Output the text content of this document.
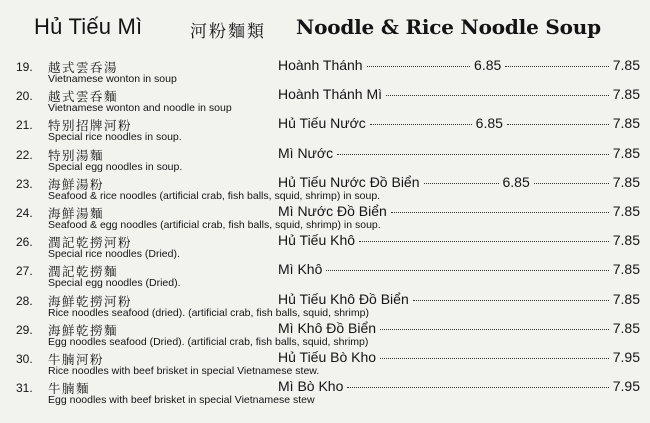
Hủ Tiếu Mì	河粉麵類 Noodle & Rice Noodle Soup
19. 越式雲呑湯
Vietnamese wonton in soup
Hoành Thánh	6.85	7.85
20. 越式雲呑麵
Vietnamese wonton and noodle in soup
Hoành Thánh Mì	7.85
21. 特别招牌河粉
Special rice noodles in soup.
Hủ Tiếu Nước	6.85	7.85
22. 特别湯麵
Special egg noodles in soup.
Mì Nước	7.85
23. 海鮮湯粉
Seafood & rice noodles (artificial crab, fish balls, squid, shrimp) in soup.
Hủ Tiếu Nước Đồ Biển	6.85	7.85
24. 海鮮湯麵
Seafood & egg noodles (artificial crab, fish balls, squid, shrimp) in soup.
Mì Nước Đồ Biển	7.85
26. 潤記乾撈河粉
Special rice noodles (Dried).
Hủ Tiếu Khô	7.85
27. 潤記乾撈麵
Special egg noodles (Dried).
Mì Khô	7.85
28. 海鮮乾撈河粉
Rice noodles seafood (dried). (artificial crab, fish balls, squid, shrimp)
Hủ Tiếu Khô Đồ Biển	7.85
29. 海鮮乾撈麵
Egg noodles seafood (Dried). (artificial crab, fish balls, squid, shrimp)
Mì Khô Đồ Biển	7.85
30. 牛腩河粉
Rice noodles with beef brisket in special Vietnamese stew.
Hủ Tiếu Bò Kho	7.95
31. 牛腩麵
Egg noodles with beef brisket in special Vietnamese stew
Mì Bò Kho	7.95
